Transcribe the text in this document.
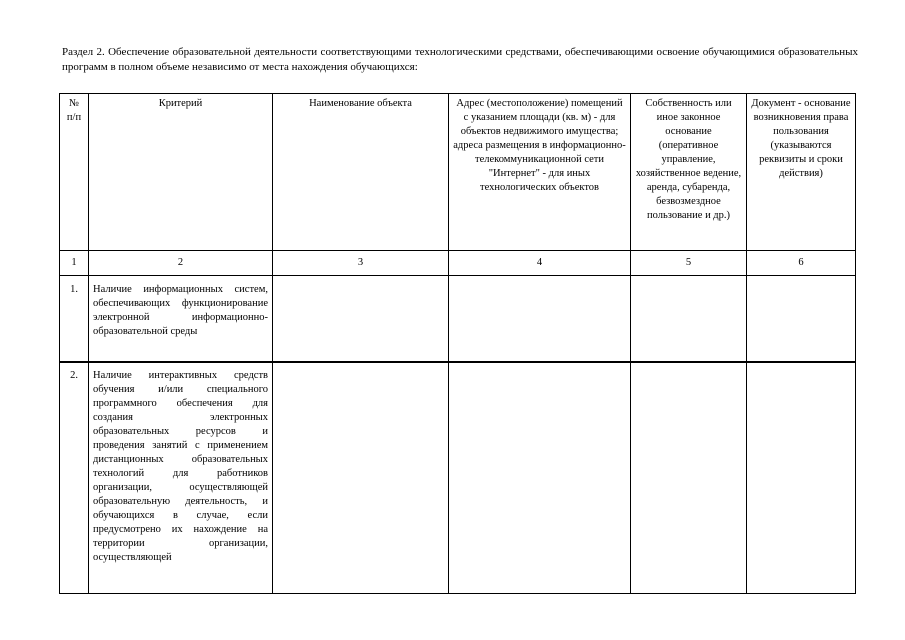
Раздел 2. Обеспечение образовательной деятельности соответствующими технологическими средствами, обеспечивающими освоение обучающимися образовательных программ в полном объеме независимо от места нахождения обучающихся:
№ п/п	Критерий	Наименование объекта	Адрес (местоположение) помещений с указанием площади (кв. м) - для объектов недвижимого имущества; адреса размещения в информационно-телекоммуникационной сети "Интернет" - для иных технологических объектов	Собственность или иное законное основание (оперативное управление, хозяйственное ведение, аренда, субаренда, безвозмездное пользование и др.)	Документ - основание возникновения права пользования (указываются реквизиты и сроки действия)
1	2	3	4	5	6
1.	Наличие информационных систем, обеспечивающих функционирование электронной информационно-образовательной среды				
2.	Наличие интерактивных средств обучения и/или специального программного обеспечения для создания электронных образовательных ресурсов и проведения занятий с применением дистанционных образовательных технологий для работников организации, осуществляющей образовательную деятельность, и обучающихся в случае, если предусмотрено их нахождение на территории организации, осуществляющей				
